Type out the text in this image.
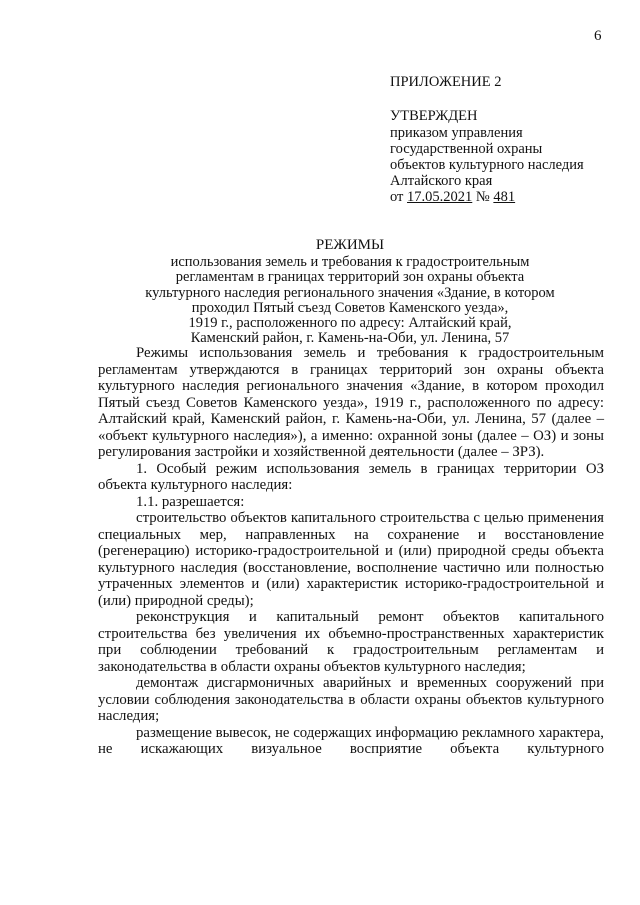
6
ПРИЛОЖЕНИЕ 2
УТВЕРЖДЕН
приказом управления
государственной охраны
объектов культурного наследия
Алтайского края
от 17.05.2021 № 481
РЕЖИМЫ
использования земель и требования к градостроительным
регламентам в границах территорий зон охраны объекта
культурного наследия регионального значения «Здание, в котором
проходил Пятый съезд Советов Каменского уезда»,
1919 г., расположенного по адресу: Алтайский край,
Каменский район, г. Камень-на-Оби, ул. Ленина, 57

Режимы использования земель и требования к градостроительным регламентам утверждаются в границах территорий зон охраны объекта культурного наследия регионального значения «Здание, в котором проходил Пятый съезд Советов Каменского уезда», 1919 г., расположенного по адресу: Алтайский край, Каменский район, г. Камень-на-Оби, ул. Ленина, 57 (далее – «объект культурного наследия»), а именно: охранной зоны (далее – ОЗ) и зоны регулирования застройки и хозяйственной деятельности (далее – ЗРЗ).

1. Особый режим использования земель в границах территории ОЗ объекта культурного наследия:

1.1. разрешается:

строительство объектов капитального строительства с целью применения специальных мер, направленных на сохранение и восстановление (регенерацию) историко-градостроительной и (или) природной среды объекта культурного наследия (восстановление, восполнение частично или полностью утраченных элементов и (или) характеристик историко-градостроительной и (или) природной среды);

реконструкция и капитальный ремонт объектов капитального строительства без увеличения их объемно-пространственных характеристик при соблюдении требований к градостроительным регламентам и законодательства в области охраны объектов культурного наследия;

демонтаж дисгармоничных аварийных и временных сооружений при условии соблюдения законодательства в области охраны объектов культурного наследия;

размещение вывесок, не содержащих информацию рекламного характера, не искажающих визуальное восприятие объекта культурного
